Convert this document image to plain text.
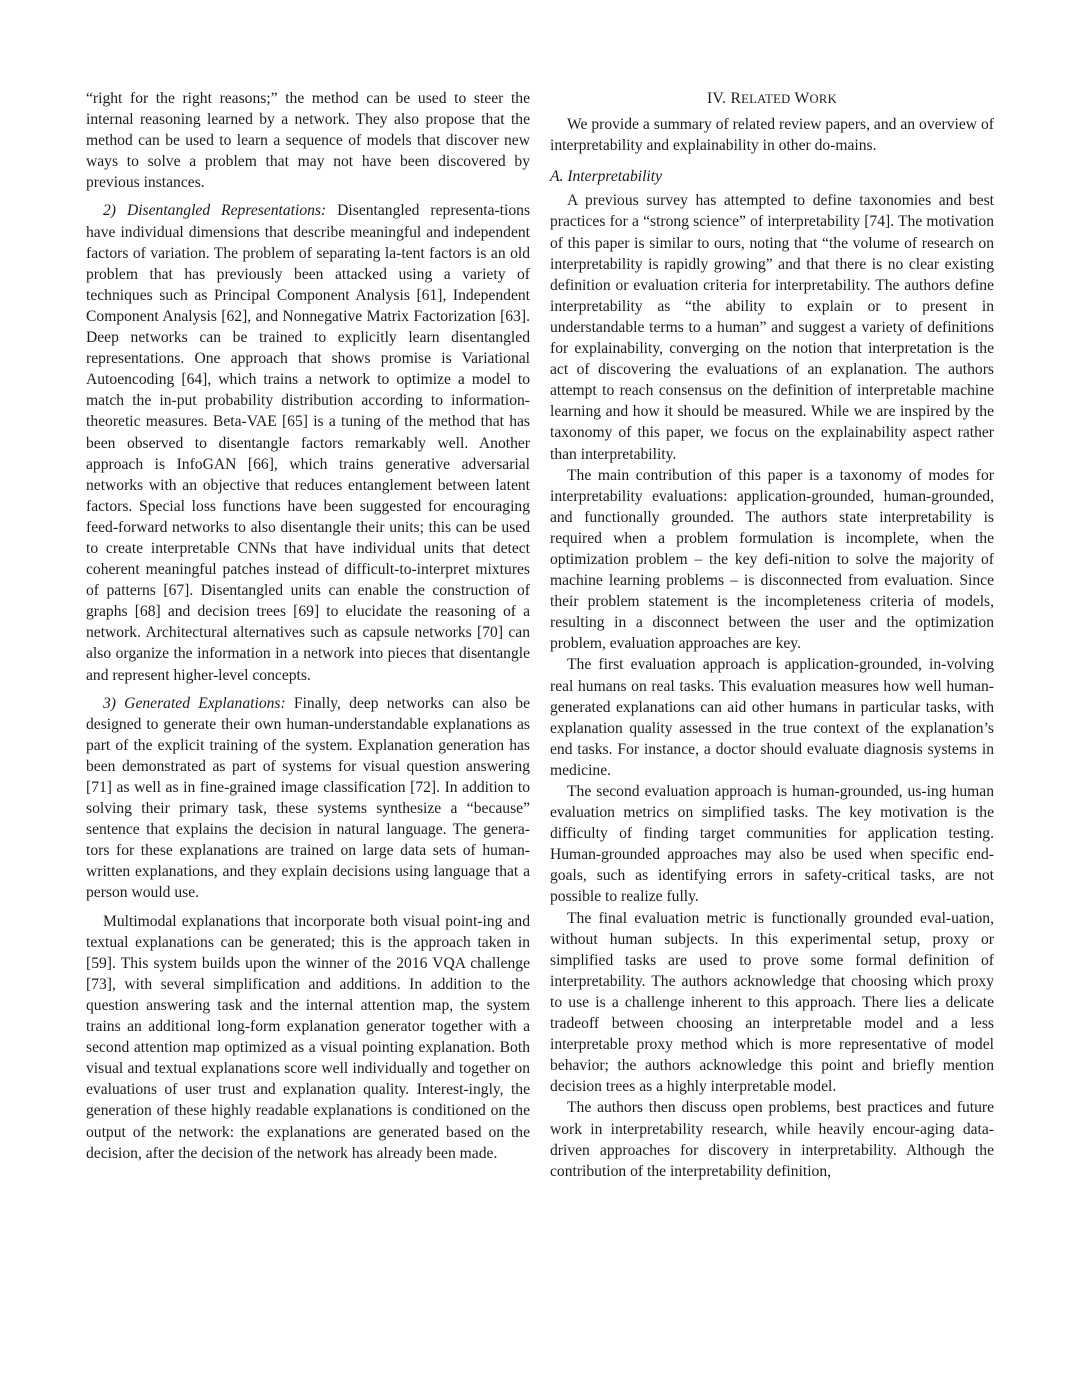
“right for the right reasons;” the method can be used to steer the internal reasoning learned by a network. They also propose that the method can be used to learn a sequence of models that discover new ways to solve a problem that may not have been discovered by previous instances.

2) Disentangled Representations: Disentangled representa-tions have individual dimensions that describe meaningful and independent factors of variation. The problem of separating la-tent factors is an old problem that has previously been attacked using a variety of techniques such as Principal Component Analysis [61], Independent Component Analysis [62], and Nonnegative Matrix Factorization [63]. Deep networks can be trained to explicitly learn disentangled representations. One approach that shows promise is Variational Autoencoding [64], which trains a network to optimize a model to match the in-put probability distribution according to information-theoretic measures. Beta-VAE [65] is a tuning of the method that has been observed to disentangle factors remarkably well. Another approach is InfoGAN [66], which trains generative adversarial networks with an objective that reduces entanglement between latent factors. Special loss functions have been suggested for encouraging feed-forward networks to also disentangle their units; this can be used to create interpretable CNNs that have individual units that detect coherent meaningful patches instead of difficult-to-interpret mixtures of patterns [67]. Disentangled units can enable the construction of graphs [68] and decision trees [69] to elucidate the reasoning of a network. Architectural alternatives such as capsule networks [70] can also organize the information in a network into pieces that disentangle and represent higher-level concepts.

3) Generated Explanations: Finally, deep networks can also be designed to generate their own human-understandable explanations as part of the explicit training of the system. Explanation generation has been demonstrated as part of systems for visual question answering [71] as well as in fine-grained image classification [72]. In addition to solving their primary task, these systems synthesize a “because” sentence that explains the decision in natural language. The genera-tors for these explanations are trained on large data sets of human-written explanations, and they explain decisions using language that a person would use.

Multimodal explanations that incorporate both visual point-ing and textual explanations can be generated; this is the approach taken in [59]. This system builds upon the winner of the 2016 VQA challenge [73], with several simplification and additions. In addition to the question answering task and the internal attention map, the system trains an additional long-form explanation generator together with a second attention map optimized as a visual pointing explanation. Both visual and textual explanations score well individually and together on evaluations of user trust and explanation quality. Interest-ingly, the generation of these highly readable explanations is conditioned on the output of the network: the explanations are generated based on the decision, after the decision of the network has already been made.

IV. RELATED WORK

We provide a summary of related review papers, and an overview of interpretability and explainability in other do-mains.

A. Interpretability

A previous survey has attempted to define taxonomies and best practices for a “strong science” of interpretability [74]. The motivation of this paper is similar to ours, noting that “the volume of research on interpretability is rapidly growing” and that there is no clear existing definition or evaluation criteria for interpretability. The authors define interpretability as “the ability to explain or to present in understandable terms to a human” and suggest a variety of definitions for explainability, converging on the notion that interpretation is the act of discovering the evaluations of an explanation. The authors attempt to reach consensus on the definition of interpretable machine learning and how it should be measured. While we are inspired by the taxonomy of this paper, we focus on the explainability aspect rather than interpretability.

The main contribution of this paper is a taxonomy of modes for interpretability evaluations: application-grounded, human-grounded, and functionally grounded. The authors state interpretability is required when a problem formulation is incomplete, when the optimization problem – the key defi-nition to solve the majority of machine learning problems – is disconnected from evaluation. Since their problem statement is the incompleteness criteria of models, resulting in a disconnect between the user and the optimization problem, evaluation approaches are key.

The first evaluation approach is application-grounded, in-volving real humans on real tasks. This evaluation measures how well human-generated explanations can aid other humans in particular tasks, with explanation quality assessed in the true context of the explanation’s end tasks. For instance, a doctor should evaluate diagnosis systems in medicine.

The second evaluation approach is human-grounded, us-ing human evaluation metrics on simplified tasks. The key motivation is the difficulty of finding target communities for application testing. Human-grounded approaches may also be used when specific end-goals, such as identifying errors in safety-critical tasks, are not possible to realize fully.

The final evaluation metric is functionally grounded eval-uation, without human subjects. In this experimental setup, proxy or simplified tasks are used to prove some formal definition of interpretability. The authors acknowledge that choosing which proxy to use is a challenge inherent to this approach. There lies a delicate tradeoff between choosing an interpretable model and a less interpretable proxy method which is more representative of model behavior; the authors acknowledge this point and briefly mention decision trees as a highly interpretable model.

The authors then discuss open problems, best practices and future work in interpretability research, while heavily encour-aging data-driven approaches for discovery in interpretability. Although the contribution of the interpretability definition,
